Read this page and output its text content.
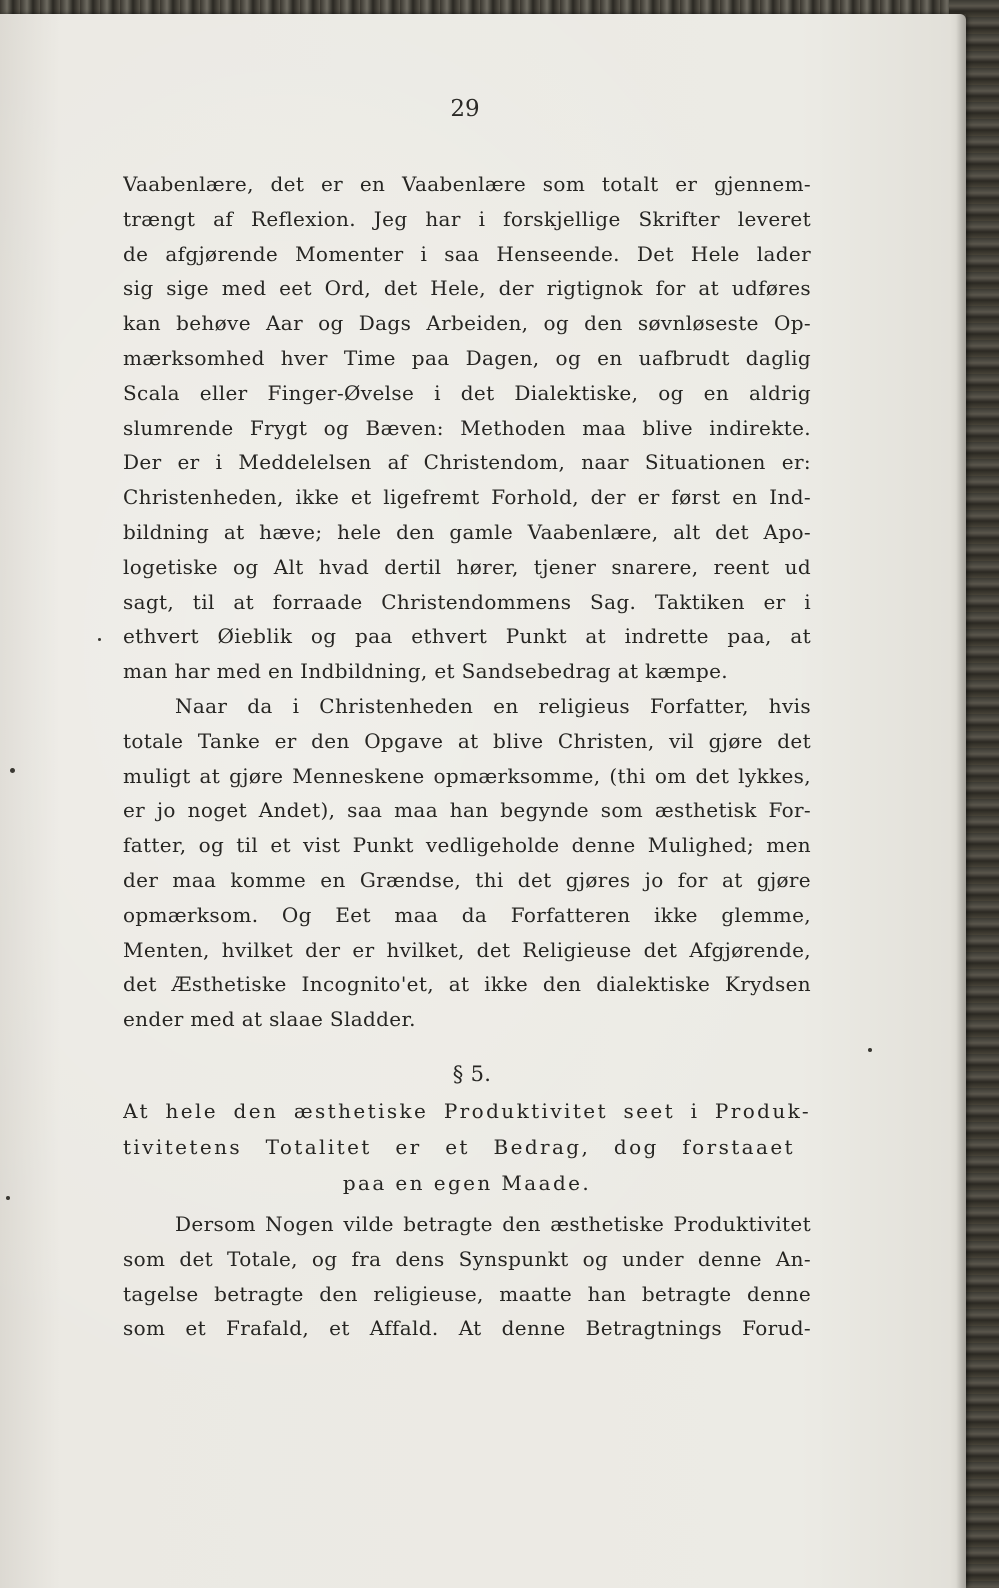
29
Vaabenlære, det er en Vaabenlære som totalt er gjennem-
trængt af Reflexion. Jeg har i forskjellige Skrifter leveret
de afgjørende Momenter i saa Henseende. Det Hele lader
sig sige med eet Ord, det Hele, der rigtignok for at udføres
kan behøve Aar og Dags Arbeiden, og den søvnløseste Op-
mærksomhed hver Time paa Dagen, og en uafbrudt daglig
Scala eller Finger-Øvelse i det Dialektiske, og en aldrig
slumrende Frygt og Bæven: Methoden maa blive indirekte.
Der er i Meddelelsen af Christendom, naar Situationen er:
Christenheden, ikke et ligefremt Forhold, der er først en Ind-
bildning at hæve; hele den gamle Vaabenlære, alt det Apo-
logetiske og Alt hvad dertil hører, tjener snarere, reent ud
sagt, til at forraade Christendommens Sag. Taktiken er i
ethvert Øieblik og paa ethvert Punkt at indrette paa, at
man har med en Indbildning, et Sandsebedrag at kæmpe.
Naar da i Christenheden en religieus Forfatter, hvis
totale Tanke er den Opgave at blive Christen, vil gjøre det
muligt at gjøre Menneskene opmærksomme, (thi om det lykkes,
er jo noget Andet), saa maa han begynde som æsthetisk For-
fatter, og til et vist Punkt vedligeholde denne Mulighed; men
der maa komme en Grændse, thi det gjøres jo for at gjøre
opmærksom. Og Eet maa da Forfatteren ikke glemme,
Menten, hvilket der er hvilket, det Religieuse det Afgjørende,
det Æsthetiske Incognito'et, at ikke den dialektiske Krydsen
ender med at slaae Sladder.
§ 5.
At hele den æsthetiske Produktivitet seet i Produk-
tivitetens Totalitet er et Bedrag, dog forstaaet
paa en egen Maade.
Dersom Nogen vilde betragte den æsthetiske Produktivitet
som det Totale, og fra dens Synspunkt og under denne An-
tagelse betragte den religieuse, maatte han betragte denne
som et Frafald, et Affald. At denne Betragtnings Forud-
